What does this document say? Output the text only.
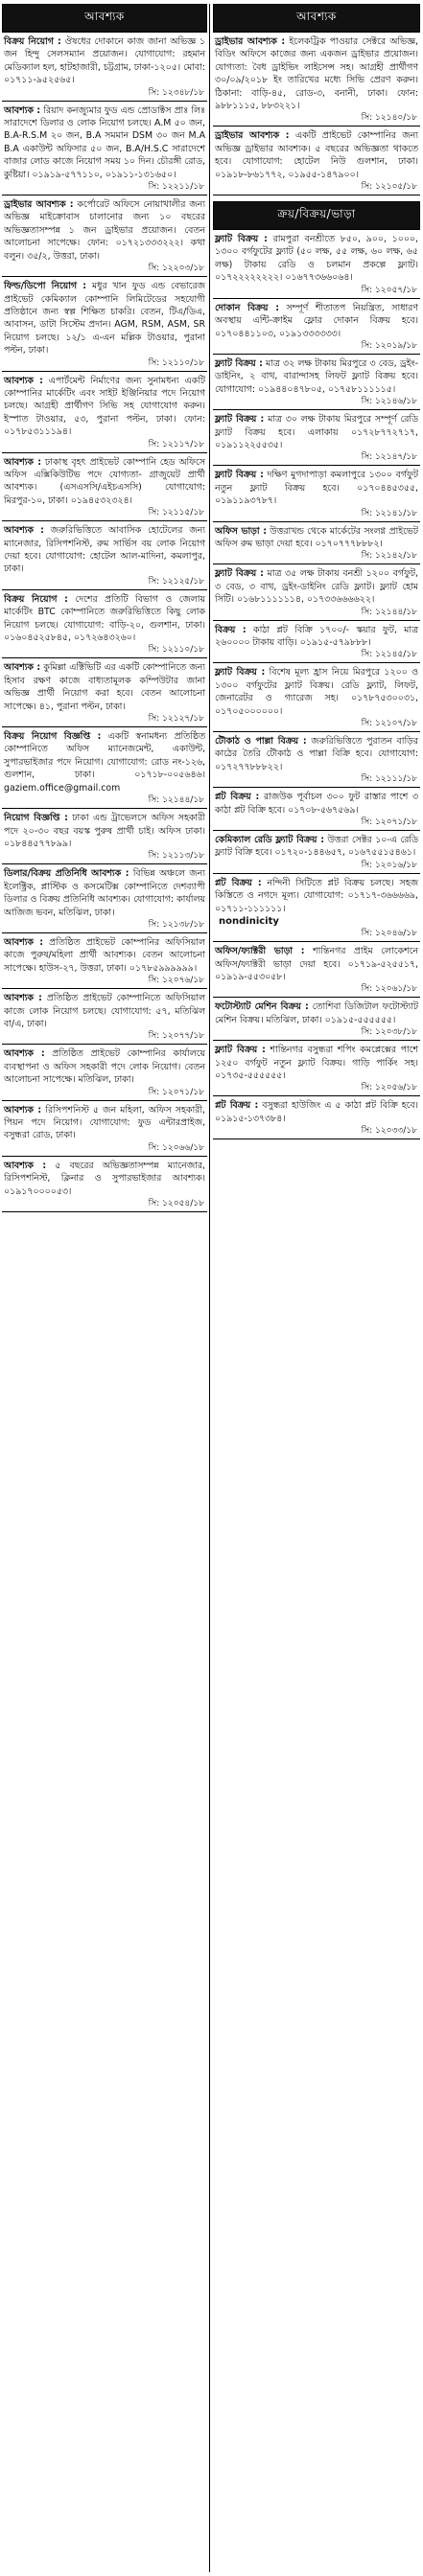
আবশ্যক
বিক্রয় নিয়োগ : ঔষধের দোকানে কাজ জানা অভিজ্ঞ ১ জন হিন্দু সেলসম্যান প্রয়োজন। যোগাযোগ: রহমান মেডিক্যাল হল, হাটহাজারী, চট্টগ্রাম, ঢাকা-১২০৫। মোবা: ০১৭১১-৯৫২৫৬৫।
সি: ১২৩৪৮/১৮
আবশ্যক : রিয়াদ কনজ্যুমার ফুড এন্ড প্রোডাক্টস প্রাঃ লিঃ সারাদেশে ডিলার ও লোক নিয়োগ চলছে। A.M ৫০ জন, B.A-R.S.M ২০ জন, B.A সমমান DSM ৩০ জন M.A B.A একাউন্ট অফিসার ৫০ জন, B.A/H.S.C সারাদেশে বাজার লোড কাজে নিয়োগ সময় ১০ দিন। চৌরঙ্গী রোড, কুষ্টিয়া। ০১৯১৯-৫৭৭১১০, ০১৯১১-১৩১৬৫০।
সি: ১২২১১/১৮
ড্রাইভার আবশ্যক : কর্পোরেট অফিসে নোয়াখালীর জন্য অভিজ্ঞ মাইক্রোবাস চালানোর জন্য ১০ বছরের অভিজ্ঞতাসম্পন্ন ১ জন ড্রাইভার প্রয়োজন। বেতন আলোচনা সাপেক্ষে। ফোন: ০১৭২১৩৩৩২২২। কথা বলুন। ৩৫/২, উত্তরা, ঢাকা।
সি: ১২২০৩/১৮
ফিল্ড/ডিপো নিয়োগ : মধুর খান ফুড এন্ড বেভারেজ প্রাইভেট কেমিক্যাল কোম্পানি লিমিটেডের সহযোগী প্রতিষ্ঠানে জন্য স্বল্প শিক্ষিত চাকরি। বেতন, টিএ/ডিএ, আবাসন, ডাটা সিস্টেম প্রদান। AGM, RSM, ASM, SR নিয়োগ চলছে। ১২/১ এ-এন মল্লিক টাওয়ার, পুরানা পল্টন, ঢাকা।
সি: ১২১১০/১৮
আবশ্যক : এপার্টমেন্ট নির্মাণের জন্য সুনামধন্য একটি কোম্পানির মার্কেটিং এবং সাইট ইঞ্জিনিয়ার পদে নিয়োগ চলছে। আগ্রহী প্রার্থীগণ সিভি সহ যোগাযোগ করুন। ইস্পাত টাওয়ার, ৫৩, পুরানা পল্টন, ঢাকা। ফোন: ০১৭৮৫৩১১১৯৪।
সি: ১২১১৭/১৮
আবশ্যক : ঢাকাস্থ বৃহৎ প্রাইভেট কোম্পানি হেড অফিসে অফিস এক্সিকিউটিভ পদে যোগ্যতা- গ্রাজুয়েট প্রার্থী আবশ্যক। (এসএসসি/এইচএসসি) যোগাযোগ: মিরপুর-১০, ঢাকা। ০১৯৪৫৩২৩২৪।
সি: ১২১১৫/১৮
আবশ্যক : জরুরিভিত্তিতে আবাসিক হোটেলের জন্য ম্যানেজার, রিসিপশনিস্ট, রুম সার্ভিস বয় লোক নিয়োগ দেয়া হবে। যোগাযোগ: হোটেল আল-মাদিনা, কমলাপুর, ঢাকা।
সি: ১২১২৫/১৮
বিক্রয় নিয়োগ : দেশের প্রতিটি বিভাগ ও জেলায় মার্কেটিং BTC কোম্পানিতে জরুরিভিত্তিতে কিছু লোক নিয়োগ চলছে। যোগাযোগ: বাড়ি-২০, গুলশান, ঢাকা। ০১৬০৪৫২৫৮৪৫, ০১৭২৬৪৩২৬০।
সি: ১২১১০/১৮
আবশ্যক : কুমিল্লা এক্টিভিটি এর একটি কোম্পানিতে জন্য হিসাব রক্ষণ কাজে বাধ্যতামূলক কম্পিউটার জানা অভিজ্ঞ প্রার্থী নিয়োগ করা হবে। বেতন আলোচনা সাপেক্ষে। ৪১, পুরানা পল্টন, ঢাকা।
সি: ১২১২৭/১৮
বিক্রয় নিয়োগ বিজ্ঞপ্তি : একটি স্বনামধন্য প্রতিষ্ঠিত কোম্পানিতে অফিস ম্যানেজমেন্ট, একাউন্ট, সুপারভাইজার পদে নিয়োগ। যোগাযোগ: রোড নং-১২৬, গুলশান, ঢাকা। ০১৭১৮-০০৫৬৪৬। gaziem.office@gmail.com
সি: ১২১৪৪/১৮
নিয়োগ বিজ্ঞপ্তি : ঢাকা এন্ড ট্রাভেলসে অফিস সহকারী পদে ২০-৩০ বছর বয়স্ক পুরুষ প্রার্থী চাই। অফিস ঢাকা। ০১৮৪৪৫৭৭৮৯৯।
সি: ১২১১৩/১৮
ডিলার/বিক্রয় প্রতিনিধি আবশ্যক : বিভিন্ন অঞ্চলে জন্য ইলেক্ট্রিক, প্লাস্টিক ও কসমেটিক্স কোম্পানিতে দেশব্যাপী ডিলার ও বিক্রয় প্রতিনিধি আবশ্যক। যোগাযোগ: কার্যালয় আজিজ ভবন, মতিঝিল, ঢাকা।
সি: ১২১৩৮/১৮
আবশ্যক : প্রতিষ্ঠিত প্রাইভেট কোম্পানির অফিসিয়াল কাজে পুরুষ/মহিলা প্রার্থী আবশ্যক। বেতন আলোচনা সাপেক্ষে। হাউস-২৭, উত্তরা, ঢাকা। ০১৭৮৫৯৯৯৯৯৯।
সি: ১২০৭৬/১৮
আবশ্যক : প্রতিষ্ঠিত প্রাইভেট কোম্পানিতে অফিসিয়াল কাজে লোক নিয়োগ চলছে। যোগাযোগ: ৫৭, মতিঝিল বা/এ, ঢাকা।
সি: ১২০৭৭/১৮
আবশ্যক : প্রতিষ্ঠিত প্রাইভেট কোম্পানির কার্যালয়ে ব্যবস্থাপনা ও অফিস সহকারী পদে লোক নিয়োগ। বেতন আলোচনা সাপেক্ষে। মতিঝিল, ঢাকা।
সি: ১২০৭১/১৮
আবশ্যক : রিসিপশনিস্ট ৫ জন মহিলা, অফিস সহকারী, পিয়ন পদে নিয়োগ। যোগাযোগ: ফুড এন্টারপ্রাইজ, বসুন্ধরা রোড, ঢাকা।
সি: ১২০৬৬/১৮
আবশ্যক : ৫ বছরের অভিজ্ঞতাসম্পন্ন ম্যানেজার, রিসিপশনিস্ট, ক্লিনার ও সুপারভাইজার আবশ্যক। ০১৯১৭০০০০৫৩।
সি: ১২০৫৪/১৮
আবশ্যক
ড্রাইভার আবশ্যক : ইলেকট্রিক পাওয়ার সেক্টরে অভিজ্ঞ, বিডিং অফিসে কাজের জন্য একজন ড্রাইভার প্রয়োজন। যোগ্যতা: বৈধ ড্রাইভিং লাইসেন্স সহ। আগ্রহী প্রার্থীগণ ৩০/০৯/২০১৮ ইং তারিখের মধ্যে সিভি প্রেরণ করুন। ঠিকানা: বাড়ি-৪৫, রোড-৩, বনানী, ঢাকা। ফোন: ৯৮৮১১১৫, ৮৮৩২২১।
সি: ১২১৪০/১৮
ড্রাইভার আবশ্যক : একটি প্রাইভেট কোম্পানির জন্য অভিজ্ঞ ড্রাইভার আবশ্যক। ৫ বছরের অভিজ্ঞতা থাকতে হবে। যোগাযোগ: হোটেল নিউ গুলশান, ঢাকা। ০১৯১৮-৮৬১৭৭২, ০১৯৫৫-১৪৭৯০০।
সি: ১২১০৫/১৮
ক্রয়/বিক্রয়/ভাড়া
ফ্ল্যাট বিক্রয় : রামপুরা বনশ্রীতে ৮৫০, ৯০০, ১০০০, ১৩০০ বর্গফুটের ফ্ল্যাট (৫০ লক্ষ, ৫৫ লক্ষ, ৬০ লক্ষ, ৬৫ লক্ষ) টাকায় রেডি ও চলমান প্রকল্পে ফ্ল্যাট। ০১৭২২২২২২২২। ০১৬৭৭৩৬৬০৬৪।
সি: ১২০৫৭/১৮
দোকান বিক্রয় : সম্পূর্ণ শীতাতপ নিয়ন্ত্রিত, সাধারণ অবস্থায় এন্টি-ক্রাইম ফ্লোর দোকান বিক্রয় হবে। ০১৭০৪৪১১০৩, ০১৯১৩৩৩৩৩৩।
সি: ১২০১৯/১৮
ফ্ল্যাট বিক্রয় : মাত্র ৩২ লক্ষ টাকায় মিরপুরে ৩ বেড, ড্রইং-ডাইনিং, ২ বাথ, বারান্দাসহ লিফট ফ্ল্যাট বিক্রয় হবে। যোগাযোগ: ০১৯৪৪০৪৭৮০৫, ০১৭৫৮১১১১১৫।
সি: ১২১৪৬/১৮
ফ্ল্যাট বিক্রয় : মাত্র ৩০ লক্ষ টাকায় মিরপুরে সম্পূর্ণ রেডি ফ্ল্যাট বিক্রয় হবে। এলাকায় ০১৭২৮৭৭২৭১৭, ০১৯১১২২৫৫৩৫।
সি: ১২১৪৭/১৮
ফ্ল্যাট বিক্রয় : দক্ষিণ মুগদাপাড়া কমলাপুরে ১৩০০ বর্গফুট নতুন ফ্ল্যাট বিক্রয় হবে। ০১৭০৪৪৫৩৫৫, ০১৯১১৯৩৭৮৭।
সি: ১২১৪১/১৮
অফিস ভাড়া : উত্তরাখন্ড থেকে মার্কেটের সংলগ্ন প্রাইভেট অফিস রুম ভাড়া দেয়া হবে। ০১৭০৭৭৭৮৮৮২।
সি: ১২১৪২/১৮
ফ্ল্যাট বিক্রয় : মাত্র ৩৫ লক্ষ টাকায় বনশ্রী ১২০০ বর্গফুট, ৩ বেড, ৩ বাথ, ড্রইং-ডাইনিং রেডি ফ্ল্যাট। ফ্ল্যাট হোম সিটি। ০১৬৮১১১১১১৪, ০১৭৩৩৬৬৬৬২২।
সি: ১২১৪৪/১৮
বিক্রয় : কাঠা প্লট বিক্রি ১৭০০/- স্কয়ার ফুট, মাত্র ২৬০০০০ টাকায় বাড়ি। ০১৯১৫-৫৭৯৮৮৮।
সি: ১২১৪৫/১৮
ফ্ল্যাট বিক্রয় : বিশেষ মূল্য হ্রাস নিয়ে মিরপুরে ১২০০ ও ১৩০০ বর্গফুটের ফ্ল্যাট বিক্রয়। রেডি ফ্ল্যাট, লিফট, জেনারেটর ও গ্যারেজ সহ। ০১৭৮৭৫৩০০৩১, ০১৭০৫০০০০০০।
সি: ১২১০৭/১৮
টৌকাঠ ও পাল্লা বিক্রয় : জরুরিভিত্তিতে পুরাতন বাড়ির কাঠের তৈরি টৌকাঠ ও পাল্লা বিক্রি হবে। যোগাযোগ: ০১৭২৭৭৮৮৮২২।
সি: ১২১১১/১৮
প্লট বিক্রয় : রাজউক পূর্বাচল ৩০০ ফুট রাস্তার পাশে ৩ কাঠা প্লট বিক্রি হবে। ০১৭০৮-৫৬৭৫৬৯।
সি: ১২০৭১/১৮
কেমিক্যাল রেডি ফ্ল্যাট বিক্রয় : উত্তরা সেক্টর ১০-এ রেডি ফ্ল্যাট বিক্রি হবে। ০১৭২০-১৪৪৬৫৭, ০১৬৭৫৫১৫৪৬১।
সি: ১২০১৬/১৮
প্লট বিক্রয় : নন্দিনী সিটিতে প্লট বিক্রয় চলছে। সহজ কিস্তিতে ও নগদে মূল্য। যোগাযোগ: ০১৭১৭-৩৬৬৬৬৯, ০১৭১১-১১১১১১।
nondinicity
সি: ১২০৪৬/১৮
অফিস/ফ্যাক্টরী ভাড়া : শান্তিনগর প্রাইম লোকেশনে অফিস/ফ্যাক্টরী ভাড়া দেয়া হবে। ০১৭১৯-৫২৫৫১৭, ০১৯১৯-৫৫৩০৫৮।
সি: ১২০৬১/১৮
ফটোস্ট্যাট মেশিন বিক্রয় : তোশিবা ডিজিটাল ফটোস্ট্যাট মেশিন বিক্রয়। মতিঝিল, ঢাকা। ০১৯১৫-৫৫৫৫৫৫।
সি: ১২০৩৮/১৮
ফ্ল্যাট বিক্রয় : শান্তিনগর বসুন্ধরা শপিং কমপ্লেক্সের পাশে ১২৫০ বর্গফুট নতুন ফ্ল্যাট বিক্রয়। গাড়ি পার্কিং সহ। ০১৭৩৫-৫৫৫৫৫৫।
সি: ১২০৫৬/১৮
প্লট বিক্রয় : বসুন্ধরা হাউজিং এ ৫ কাঠা প্লট বিক্রি হবে। ০১৯১৫-১৩৭৩৮৪।
সি: ১২০৩৩/১৮
